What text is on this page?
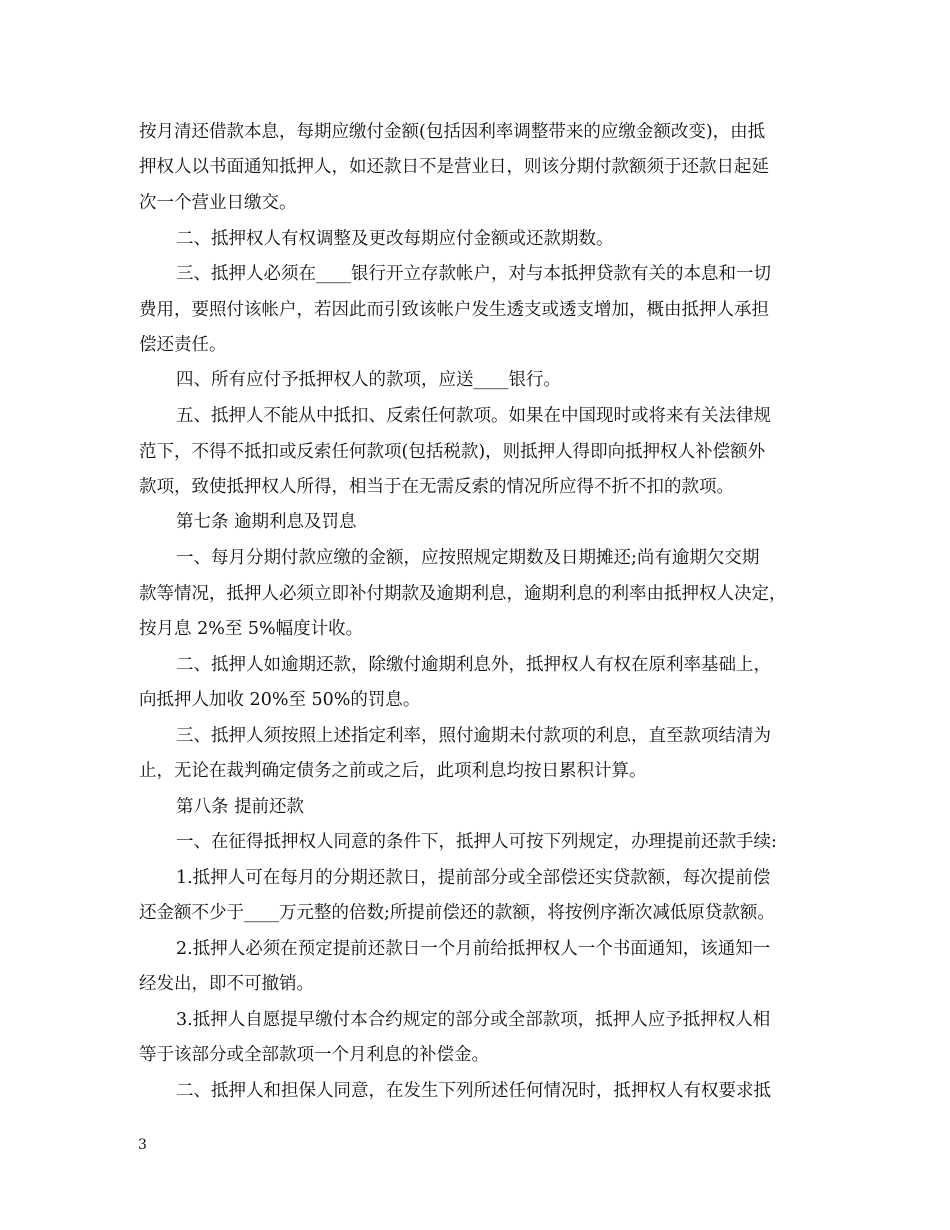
按月清还借款本息，每期应缴付金额(包括因利率调整带来的应缴金额改变)，由抵
押权人以书面通知抵押人，如还款日不是营业日，则该分期付款额须于还款日起延
次一个营业日缴交。
二、抵押权人有权调整及更改每期应付金额或还款期数。
三、抵押人必须在____银行开立存款帐户，对与本抵押贷款有关的本息和一切
费用，要照付该帐户，若因此而引致该帐户发生透支或透支增加，概由抵押人承担
偿还责任。
四、所有应付予抵押权人的款项，应送____银行。
五、抵押人不能从中抵扣、反索任何款项。如果在中国现时或将来有关法律规
范下，不得不抵扣或反索任何款项(包括税款)，则抵押人得即向抵押权人补偿额外
款项，致使抵押权人所得，相当于在无需反索的情况所应得不折不扣的款项。
第七条 逾期利息及罚息
一、每月分期付款应缴的金额，应按照规定期数及日期摊还;尚有逾期欠交期
款等情况，抵押人必须立即补付期款及逾期利息，逾期利息的利率由抵押权人决定，
按月息 2%至 5%幅度计收。
二、抵押人如逾期还款，除缴付逾期利息外，抵押权人有权在原利率基础上，
向抵押人加收 20%至 50%的罚息。
三、抵押人须按照上述指定利率，照付逾期未付款项的利息，直至款项结清为
止，无论在裁判确定债务之前或之后，此项利息均按日累积计算。
第八条 提前还款
一、在征得抵押权人同意的条件下，抵押人可按下列规定，办理提前还款手续:
1.抵押人可在每月的分期还款日，提前部分或全部偿还实贷款额，每次提前偿
还金额不少于____万元整的倍数;所提前偿还的款额，将按例序渐次减低原贷款额。
2.抵押人必须在预定提前还款日一个月前给抵押权人一个书面通知，该通知一
经发出，即不可撤销。
3.抵押人自愿提早缴付本合约规定的部分或全部款项，抵押人应予抵押权人相
等于该部分或全部款项一个月利息的补偿金。
二、抵押人和担保人同意，在发生下列所述任何情况时，抵押权人有权要求抵
3
